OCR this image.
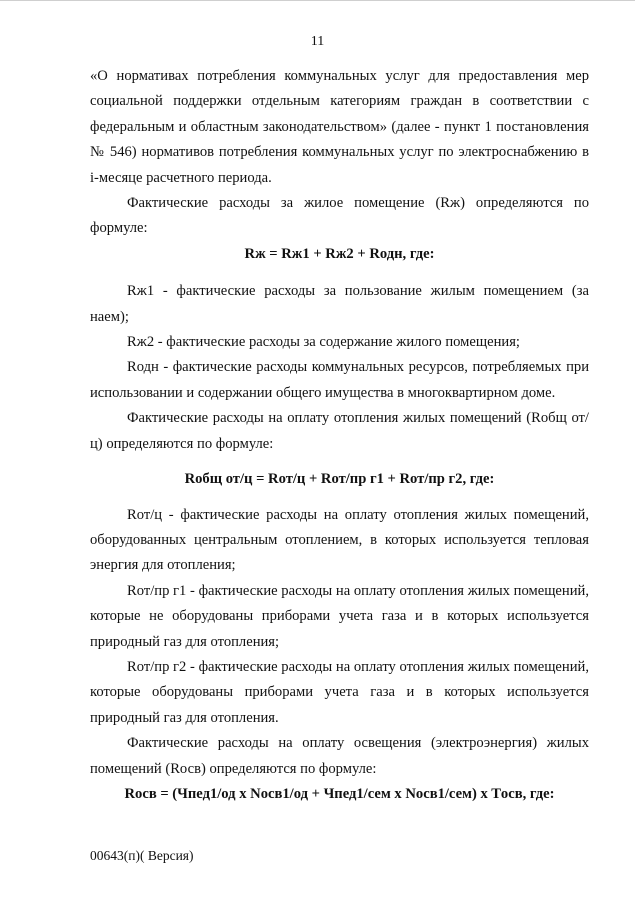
11

«О нормативах потребления коммунальных услуг для предоставления мер социальной поддержки отдельным категориям граждан в соответствии с федеральным и областным законодательством» (далее - пункт 1 постановления № 546) нормативов потребления коммунальных услуг по электроснабжению в i-месяце расчетного периода.

Фактические расходы за жилое помещение (Rж) определяются по формуле:

Rж = Rж1 + Rж2 + Rодн, где:

Rж1 - фактические расходы за пользование жилым помещением (за наем);

Rж2 - фактические расходы за содержание жилого помещения;

Rодн - фактические расходы коммунальных ресурсов, потребляемых при использовании и содержании общего имущества в многоквартирном доме.

Фактические расходы на оплату отопления жилых помещений (Rобщ от/ц) определяются по формуле:

Rобщ от/ц = Rот/ц + Rот/пр г1 + Rот/пр г2, где:

Rот/ц - фактические расходы на оплату отопления жилых помещений, оборудованных центральным отоплением, в которых используется тепловая энергия для отопления;

Rот/пр г1 - фактические расходы на оплату отопления жилых помещений, которые не оборудованы приборами учета газа и в которых используется природный газ для отопления;

Rот/пр г2 - фактические расходы на оплату отопления жилых помещений, которые оборудованы приборами учета газа и в которых используется природный газ для отопления.

Фактические расходы на оплату освещения (электроэнергия) жилых помещений (Rосв) определяются по формуле:

Rосв = (Чпед1/од x Nосв1/од + Чпед1/сем x Nосв1/сем) x Tосв, где:

00643(п)( Версия)
